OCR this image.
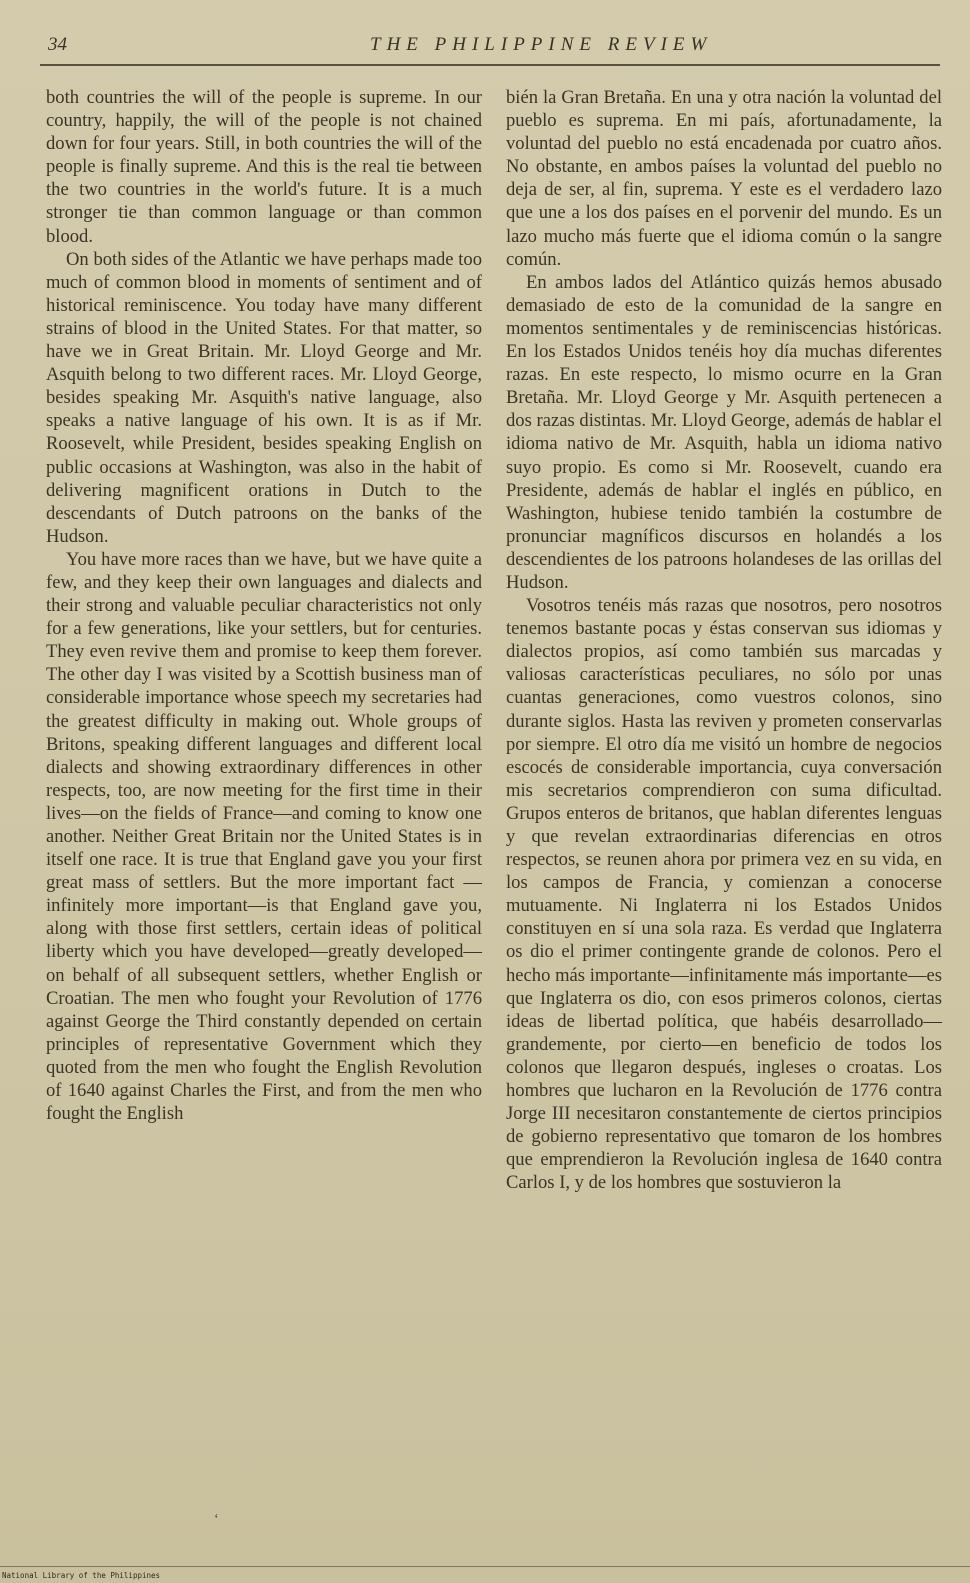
34	THE PHILIPPINE REVIEW

both countries the will of the people is supreme. In our country, happily, the will of the people is not chained down for four years. Still, in both countries the will of the people is finally supreme. And this is the real tie between the two countries in the world's future. It is a much stronger tie than common language or than common blood.

On both sides of the Atlantic we have perhaps made too much of common blood in moments of sentiment and of historical reminiscence. You today have many different strains of blood in the United States. For that matter, so have we in Great Britain. Mr. Lloyd George and Mr. Asquith belong to two different races. Mr. Lloyd George, besides speaking Mr. Asquith's native language, also speaks a native language of his own. It is as if Mr. Roosevelt, while President, besides speaking English on public occasions at Washington, was also in the habit of delivering magnificent orations in Dutch to the descendants of Dutch patroons on the banks of the Hudson.

You have more races than we have, but we have quite a few, and they keep their own languages and dialects and their strong and valuable peculiar characteristics not only for a few generations, like your settlers, but for centuries. They even revive them and promise to keep them forever. The other day I was visited by a Scottish business man of considerable importance whose speech my secretaries had the greatest difficulty in making out. Whole groups of Britons, speaking different languages and different local dialects and showing extraordinary differences in other respects, too, are now meeting for the first time in their lives—on the fields of France—and coming to know one another. Neither Great Britain nor the United States is in itself one race. It is true that England gave you your first great mass of settlers. But the more important fact —infinitely more important—is that England gave you, along with those first settlers, certain ideas of political liberty which you have developed—greatly developed—on behalf of all subsequent settlers, whether English or Croatian. The men who fought your Revolution of 1776 against George the Third constantly depended on certain principles of representative Government which they quoted from the men who fought the English Revolution of 1640 against Charles the First, and from the men who fought the English

bién la Gran Bretaña. En una y otra nación la voluntad del pueblo es suprema. En mi país, afortunadamente, la voluntad del pueblo no está encadenada por cuatro años. No obstante, en ambos países la voluntad del pueblo no deja de ser, al fin, suprema. Y este es el verdadero lazo que une a los dos países en el porvenir del mundo. Es un lazo mucho más fuerte que el idioma común o la sangre común.

En ambos lados del Atlántico quizás hemos abusado demasiado de esto de la comunidad de la sangre en momentos sentimentales y de reminiscencias históricas. En los Estados Unidos tenéis hoy día muchas diferentes razas. En este respecto, lo mismo ocurre en la Gran Bretaña. Mr. Lloyd George y Mr. Asquith pertenecen a dos razas distintas. Mr. Lloyd George, además de hablar el idioma nativo de Mr. Asquith, habla un idioma nativo suyo propio. Es como si Mr. Roosevelt, cuando era Presidente, además de hablar el inglés en público, en Washington, hubiese tenido también la costumbre de pronunciar magníficos discursos en holandés a los descendientes de los patroons holandeses de las orillas del Hudson.

Vosotros tenéis más razas que nosotros, pero nosotros tenemos bastante pocas y éstas conservan sus idiomas y dialectos propios, así como también sus marcadas y valiosas características peculiares, no sólo por unas cuantas generaciones, como vuestros colonos, sino durante siglos. Hasta las reviven y prometen conservarlas por siempre. El otro día me visitó un hombre de negocios escocés de considerable importancia, cuya conversación mis secretarios comprendieron con suma dificultad. Grupos enteros de britanos, que hablan diferentes lenguas y que revelan extraordinarias diferencias en otros respectos, se reunen ahora por primera vez en su vida, en los campos de Francia, y comienzan a conocerse mutuamente. Ni Inglaterra ni los Estados Unidos constituyen en sí una sola raza. Es verdad que Inglaterra os dio el primer contingente grande de colonos. Pero el hecho más importante—infinitamente más importante—es que Inglaterra os dio, con esos primeros colonos, ciertas ideas de libertad política, que habéis desarrollado—grandemente, por cierto—en beneficio de todos los colonos que llegaron después, ingleses o croatas. Los hombres que lucharon en la Revolución de 1776 contra Jorge III necesitaron constantemente de ciertos principios de gobierno representativo que tomaron de los hombres que emprendieron la Revolución inglesa de 1640 contra Carlos I, y de los hombres que sostuvieron la

‘
National Library of the Philippines
